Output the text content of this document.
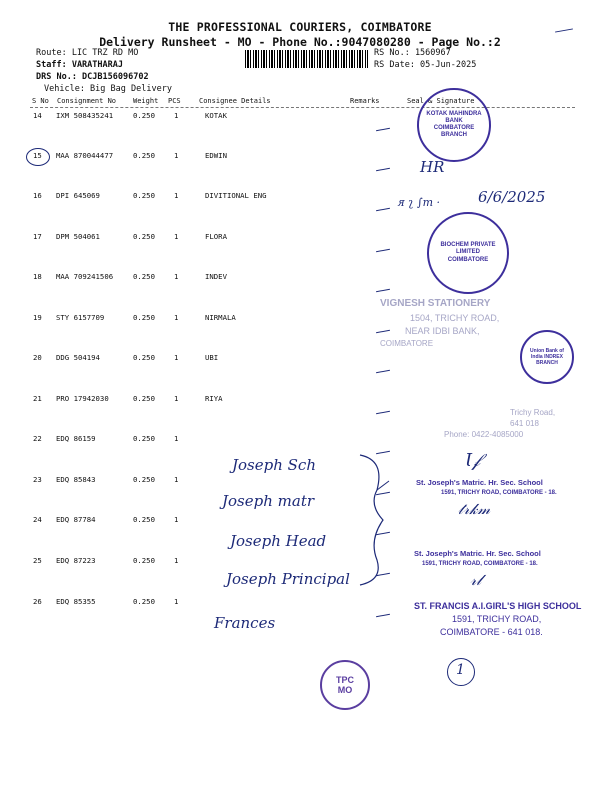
THE PROFESSIONAL COURIERS, COIMBATORE
Delivery Runsheet - MO - Phone No.:9047080280 - Page No.:2
Route: LIC TRZ RD MO
Staff: VARATHARAJ
DRS No.: DCJB156096702
Vehicle: Big Bag Delivery
RS No.: 1560967
RS Date: 05-Jun-2025
S No Consignment No Weight PCS	Consignee Details	Remarks	Seal & Signature
14 IXM 508435241	0.250	1	KOTAK
15 MAA 870044477	0.250	1	EDWIN
16 DPI 645069	0.250	1	DIVITIONAL ENG
17 DPM 504061	0.250	1	FLORA
18 MAA 709241506	0.250	1	INDEV
19 STY 6157709	0.250	1	NIRMALA
20 DDG 504194	0.250	1	UBI
21 PRO 17942030	0.250	1	RIYA
22 EDQ 86159	0.250	1
23 EDQ 85843	0.250	1
24 EDQ 87784	0.250	1
25 EDQ 87223	0.250	1
26 EDQ 85355	0.250	1
HR
6/6/2025
ᴙ ʅ ∫m ·
Joseph Sch
Joseph matr
Joseph Head
Joseph Principal
Frances
1
KOTAK MAHINDRA BANK COIMBATORE BRANCH
BIOCHEM PRIVATE LIMITED COIMBATORE
VIGNESH STATIONERY
1504, TRICHY ROAD,
NEAR IDBI BANK,
COIMBATORE
Union Bank of India INDREX BRANCH
Trichy Road,
641 018
Phone: 0422-4085000
Ɩ𝒻
St. Joseph's Matric. Hr. Sec. School
1591, TRICHY ROAD, COIMBATORE - 18.
𝓉𝓇𝓀𝓂
St. Joseph's Matric. Hr. Sec. School
1591, TRICHY ROAD, COIMBATORE - 18.
𝓇𝓁
ST. FRANCIS A.I.GIRL'S HIGH SCHOOL
1591, TRICHY ROAD,
COIMBATORE - 641 018.
TPC
MO
